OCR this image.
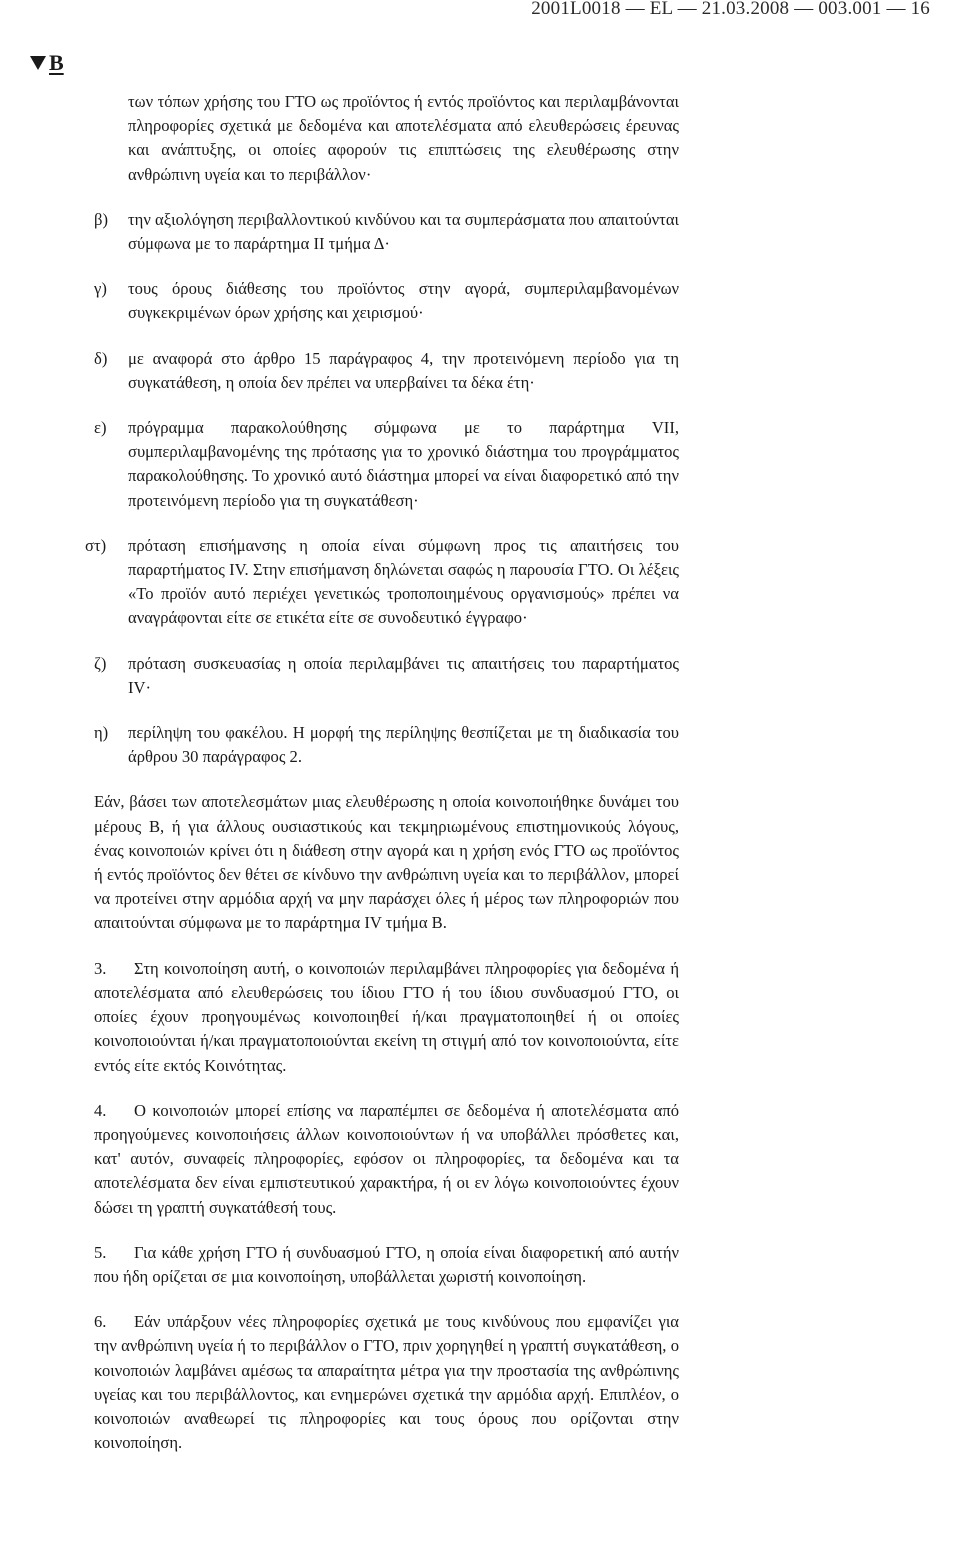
2001L0018 — EL — 21.03.2008 — 003.001 — 16
B
των τόπων χρήσης του ΓΤΟ ως προϊόντος ή εντός προϊόντος και περιλαμβάνονται πληροφορίες σχετικά με δεδομένα και αποτελέσματα από ελευθερώσεις έρευνας και ανάπτυξης, οι οποίες αφορούν τις επιπτώσεις της ελευθέρωσης στην ανθρώπινη υγεία και το περιβάλλον·
β)	την αξιολόγηση περιβαλλοντικού κινδύνου και τα συμπεράσματα που απαιτούνται σύμφωνα με το παράρτημα II τμήμα Δ·
γ)	τους όρους διάθεσης του προϊόντος στην αγορά, συμπεριλαμβανομένων συγκεκριμένων όρων χρήσης και χειρισμού·
δ)	με αναφορά στο άρθρο 15 παράγραφος 4, την προτεινόμενη περίοδο για τη συγκατάθεση, η οποία δεν πρέπει να υπερβαίνει τα δέκα έτη·
ε)	πρόγραμμα παρακολούθησης σύμφωνα με το παράρτημα VII, συμπεριλαμβανομένης της πρότασης για το χρονικό διάστημα του προγράμματος παρακολούθησης. Το χρονικό αυτό διάστημα μπορεί να είναι διαφορετικό από την προτεινόμενη περίοδο για τη συγκατάθεση·
στ)	πρόταση επισήμανσης η οποία είναι σύμφωνη προς τις απαιτήσεις του παραρτήματος IV. Στην επισήμανση δηλώνεται σαφώς η παρουσία ΓΤΟ. Οι λέξεις «Το προϊόν αυτό περιέχει γενετικώς τροποποιημένους οργανισμούς» πρέπει να αναγράφονται είτε σε ετικέτα είτε σε συνοδευτικό έγγραφο·
ζ)	πρόταση συσκευασίας η οποία περιλαμβάνει τις απαιτήσεις του παραρτήματος IV·
η)	περίληψη του φακέλου. Η μορφή της περίληψης θεσπίζεται με τη διαδικασία του άρθρου 30 παράγραφος 2.
Εάν, βάσει των αποτελεσμάτων μιας ελευθέρωσης η οποία κοινοποιήθηκε δυνάμει του μέρους B, ή για άλλους ουσιαστικούς και τεκμηριωμένους επιστημονικούς λόγους, ένας κοινοποιών κρίνει ότι η διάθεση στην αγορά και η χρήση ενός ΓΤΟ ως προϊόντος ή εντός προϊόντος δεν θέτει σε κίνδυνο την ανθρώπινη υγεία και το περιβάλλον, μπορεί να προτείνει στην αρμόδια αρχή να μην παράσχει όλες ή μέρος των πληροφοριών που απαιτούνται σύμφωνα με το παράρτημα IV τμήμα B.
3. Στη κοινοποίηση αυτή, ο κοινοποιών περιλαμβάνει πληροφορίες για δεδομένα ή αποτελέσματα από ελευθερώσεις του ίδιου ΓΤΟ ή του ίδιου συνδυασμού ΓΤΟ, οι οποίες έχουν προηγουμένως κοινοποιηθεί ή/και πραγματοποιηθεί ή οι οποίες κοινοποιούνται ή/και πραγματοποιούνται εκείνη τη στιγμή από τον κοινοποιούντα, είτε εντός είτε εκτός Κοινότητας.
4. Ο κοινοποιών μπορεί επίσης να παραπέμπει σε δεδομένα ή αποτελέσματα από προηγούμενες κοινοποιήσεις άλλων κοινοποιούντων ή να υποβάλλει πρόσθετες και, κατ' αυτόν, συναφείς πληροφορίες, εφόσον οι πληροφορίες, τα δεδομένα και τα αποτελέσματα δεν είναι εμπιστευτικού χαρακτήρα, ή οι εν λόγω κοινοποιούντες έχουν δώσει τη γραπτή συγκατάθεσή τους.
5. Για κάθε χρήση ΓΤΟ ή συνδυασμού ΓΤΟ, η οποία είναι διαφορετική από αυτήν που ήδη ορίζεται σε μια κοινοποίηση, υποβάλλεται χωριστή κοινοποίηση.
6. Εάν υπάρξουν νέες πληροφορίες σχετικά με τους κινδύνους που εμφανίζει για την ανθρώπινη υγεία ή το περιβάλλον ο ΓΤΟ, πριν χορηγηθεί η γραπτή συγκατάθεση, ο κοινοποιών λαμβάνει αμέσως τα απαραίτητα μέτρα για την προστασία της ανθρώπινης υγείας και του περιβάλλοντος, και ενημερώνει σχετικά την αρμόδια αρχή. Επιπλέον, ο κοινοποιών αναθεωρεί τις πληροφορίες και τους όρους που ορίζονται στην κοινοποίηση.
